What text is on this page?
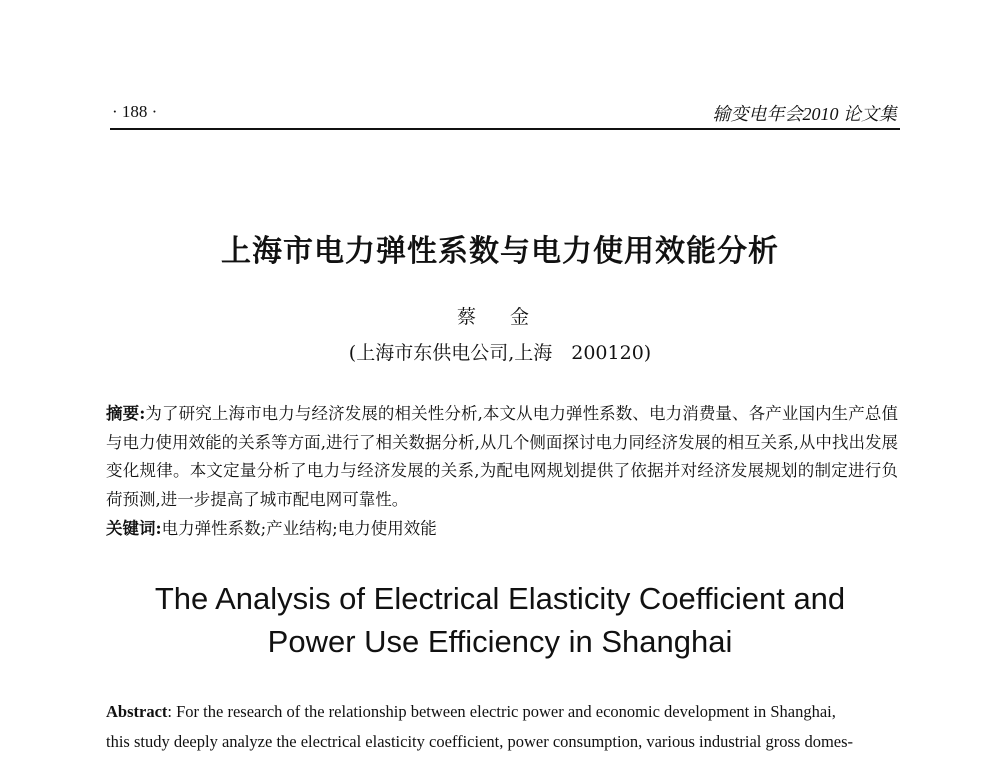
· 188 ·	输变电年会2010 论文集
上海市电力弹性系数与电力使用效能分析
蔡 金
(上海市东供电公司,上海　200120)
摘要:为了研究上海市电力与经济发展的相关性分析,本文从电力弹性系数、电力消费量、各产业国内生产总值与电力使用效能的关系等方面,进行了相关数据分析,从几个侧面探讨电力同经济发展的相互关系,从中找出发展变化规律。本文定量分析了电力与经济发展的关系,为配电网规划提供了依据并对经济发展规划的制定进行负荷预测,进一步提高了城市配电网可靠性。
关键词:电力弹性系数;产业结构;电力使用效能
The Analysis of Electrical Elasticity Coefficient and
Power Use Efficiency in Shanghai
Abstract: For the research of the relationship between electric power and economic development in Shanghai,
this study deeply analyze the electrical elasticity coefficient, power consumption, various industrial gross domes-
